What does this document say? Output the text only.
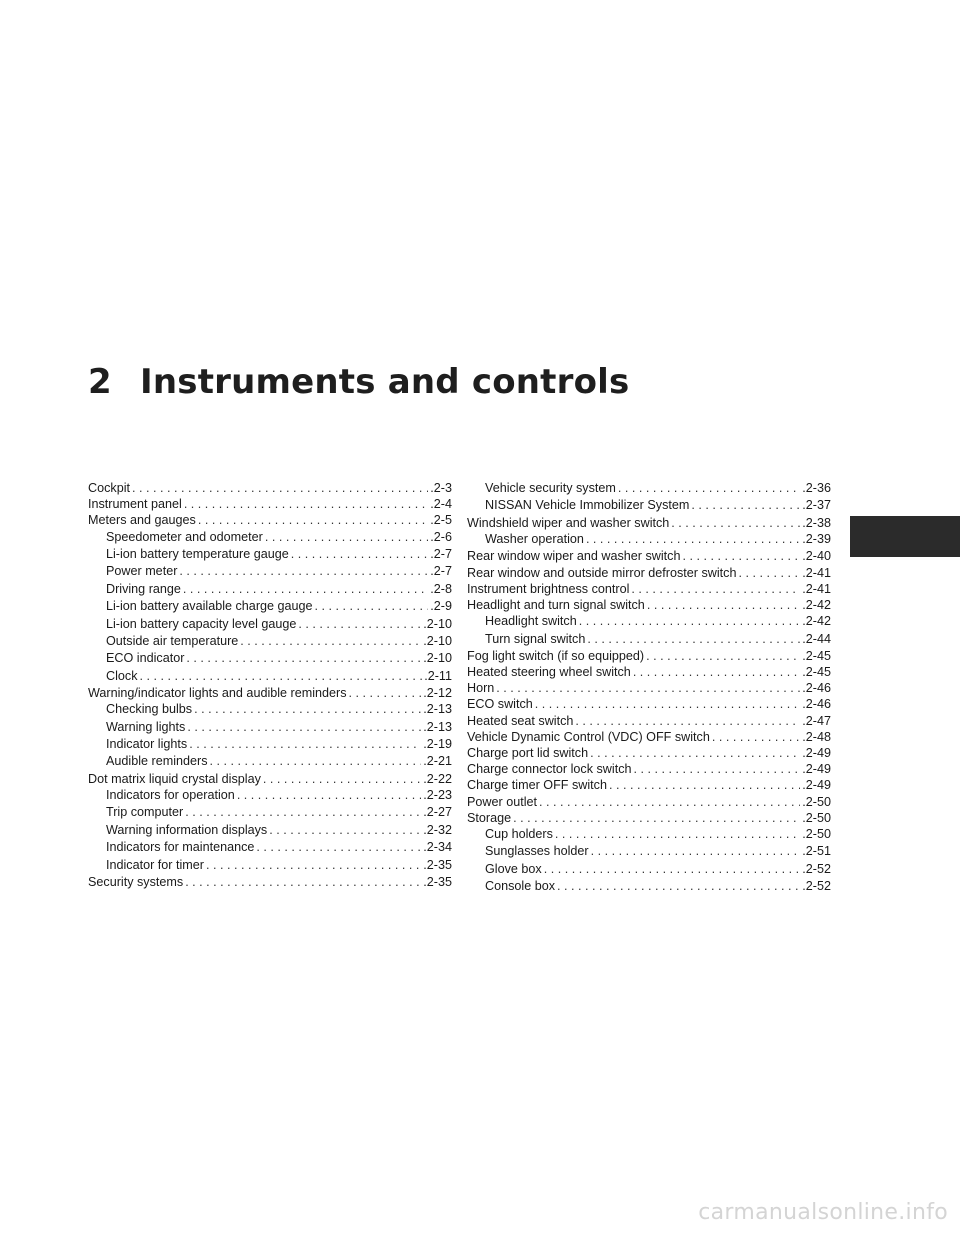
2 Instruments and controls
Cockpit . . .	.2-3
Instrument panel . . .	.2-4
Meters and gauges . . .	.2-5
Speedometer and odometer . . .	.2-6
Li-ion battery temperature gauge . . .	.2-7
Power meter . . .	.2-7
Driving range . . .	.2-8
Li-ion battery available charge gauge . . .	.2-9
Li-ion battery capacity level gauge . . .	.2-10
Outside air temperature . . .	.2-10
ECO indicator . . .	.2-10
Clock . . .	.2-11
Warning/indicator lights and audible reminders . . .	.2-12
Checking bulbs . . .	.2-13
Warning lights . . .	.2-13
Indicator lights . . .	.2-19
Audible reminders . . .	.2-21
Dot matrix liquid crystal display . . .	.2-22
Indicators for operation . . .	.2-23
Trip computer . . .	.2-27
Warning information displays . . .	.2-32
Indicators for maintenance . . .	.2-34
Indicator for timer . . .	.2-35
Security systems . . .	.2-35
Vehicle security system . . .	.2-36
NISSAN Vehicle Immobilizer System . . .	.2-37
Windshield wiper and washer switch . . .	.2-38
Washer operation . . .	.2-39
Rear window wiper and washer switch . . .	.2-40
Rear window and outside mirror defroster switch . . .	.2-41
Instrument brightness control . . .	.2-41
Headlight and turn signal switch . . .	.2-42
Headlight switch . . .	.2-42
Turn signal switch . . .	.2-44
Fog light switch (if so equipped) . . .	.2-45
Heated steering wheel switch . . .	.2-45
Horn . . .	.2-46
ECO switch . . .	.2-46
Heated seat switch . . .	.2-47
Vehicle Dynamic Control (VDC) OFF switch . . .	.2-48
Charge port lid switch . . .	.2-49
Charge connector lock switch . . .	.2-49
Charge timer OFF switch . . .	.2-49
Power outlet . . .	.2-50
Storage . . .	.2-50
Cup holders . . .	.2-50
Sunglasses holder . . .	.2-51
Glove box . . .	.2-52
Console box . . .	.2-52
carmanualsonline.info
